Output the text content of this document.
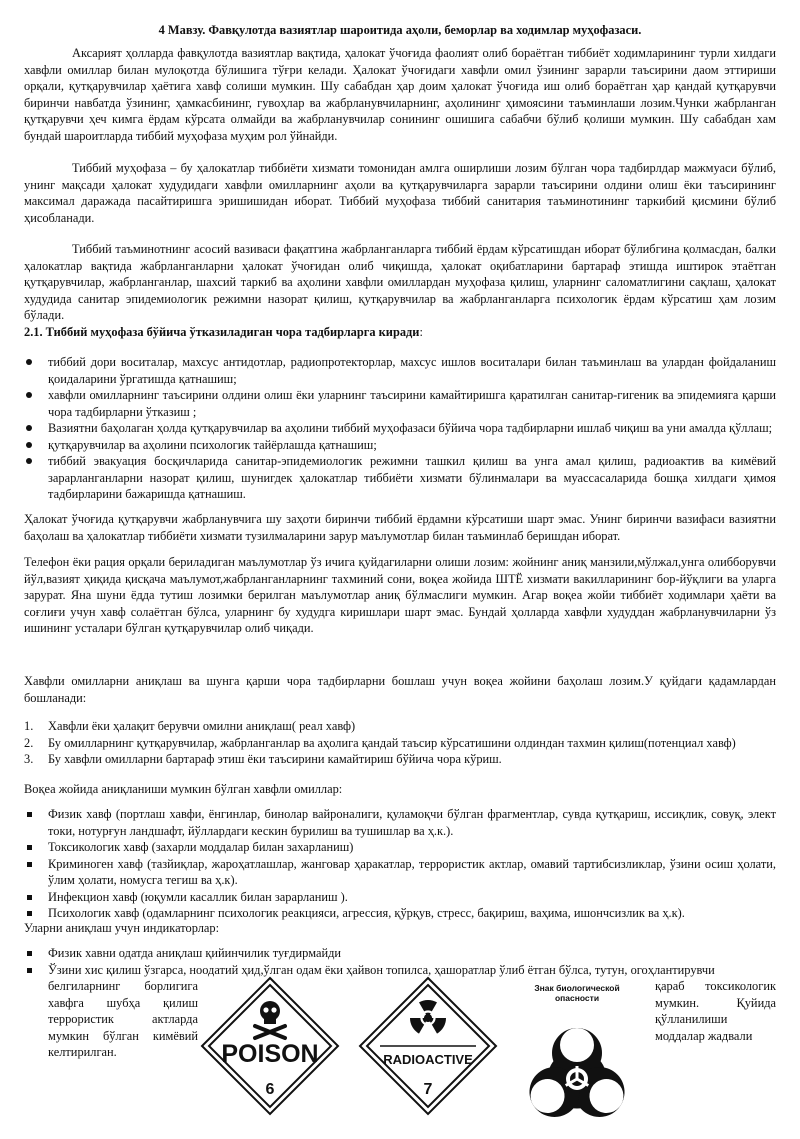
4 Мавзу. Фавқулотда вазиятлар шароитида аҳоли, беморлар ва ходимлар муҳофазаси.

Аксарият ҳолларда фавқулотда вазиятлар вақтида, ҳалокат ўчоғида фаолият олиб бораётган тиббиёт ходимларининг турли хилдаги хавфли омиллар билан мулоқотда бўлишига тўғри келади. Ҳалокат ўчоғидаги хавфли омил ўзининг зарарли таъсирини даом эттириши орқали, қутқарувчилар ҳаётига хавф солиши мумкин. Шу сабабдан ҳар доим ҳалокат ўчоғида иш олиб бораётган ҳар қандай қутқарувчи биринчи навбатда ўзининг, ҳамкасбининг, гувоҳлар ва жабрланувчиларнинг, аҳолининг ҳимоясини таъминлаши лозим.Чунки жабрланган қутқарувчи ҳеч кимга ёрдам кўрсата олмайди ва жабрланувчилар сонининг ошишига сабабчи бўлиб қолиши мумкин. Шу сабабдан хам бундай шароитларда тиббий муҳофаза муҳим рол ўйнайди.

Тиббий муҳофаза – бу ҳалокатлар тиббиёти хизмати томонидан амлга оширлиши лозим бўлган чора тадбирлдар мажмуаси бўлиб, унинг мақсади ҳалокат худудидаги хавфли омилларнинг аҳоли ва қутқарувчиларга зарарли таъсирини олдини олиш ёки таъсирининг максимал даражада пасайтиришга эришишидан иборат. Тиббий муҳофаза тиббий санитария таъминотининг таркибий қисмини бўлиб ҳисобланади.

Тиббий таъминотнинг асосий вазиваси фақатгина жабрланганларга тиббий ёрдам кўрсатишдан иборат бўлибгина қолмасдан, балки ҳалокатлар вақтида жабрланганларни ҳалокат ўчоғидан олиб чиқишда, ҳалокат оқибатларини бартараф этишда иштирок этаётган қутқарувчилар, жабрланганлар, шахсий таркиб ва аҳолини хавфли омиллардан муҳофаза қилиш, уларнинг саломатлигини сақлаш, ҳалокат худудида санитар эпидемиологик режимни назорат қилиш, қутқарувчилар ва жабрланганларга психологик ёрдам кўрсатиш ҳам лозим бўлади.

2.1. Тиббий муҳофаза бўйича ўтказиладиган чора тадбирларга киради:

тиббий дори воситалар, махсус антидотлар, радиопротекторлар, махсус ишлов воситалари билан таъминлаш ва улардан фойдаланиш қоидаларини ўргатишда қатнашиш;
хавфли омилларнинг таъсирини олдини олиш ёки уларнинг таъсирини камайтиришга қаратилган санитар-гигеник ва эпидемияга қарши чора тадбирларни ўтказиш ;
Вазиятни баҳолаган ҳолда қутқарувчилар ва аҳолини тиббий муҳофазаси бўйича чора тадбирларни ишлаб чиқиш ва уни амалда қўллаш;
қутқарувчилар ва аҳолини психологик тайёрлашда қатнашиш;
тиббий эвакуация босқичларида санитар-эпидемиологик режимни ташкил қилиш ва унга амал қилиш, радиоактив ва кимёвий зарарланганларни назорат қилиш, шунигдек ҳалокатлар тиббиёти хизмати бўлинмалари ва муассасаларида бошқа хилдаги ҳимоя тадбирларини бажаришда қатнашиш.

Ҳалокат ўчоғида қутқарувчи жабрланувчига шу заҳоти биринчи тиббий ёрдамни кўрсатиши шарт эмас. Унинг биринчи вазифаси вазиятни баҳолаш ва ҳалокатлар тиббиёти хизмати тузилмаларини зарур маълумотлар билан таъминлаб беришдан иборат.

Телефон ёки рация орқали бериладиган маълумотлар ўз ичига қуйдагиларни олиши лозим: жойнинг аниқ манзили,мўлжал,унга олибборувчи йўл,вазият ҳиқида қисқача маълумот,жабрланганларнинг тахминий сони, воқеа жойида ШТЁ хизмати вакилларининг бор-йўқлиги ва уларга зарурат. Яна шуни ёдда тутиш лозимки берилган маълумотлар аниқ бўлмаслиги мумкин. Агар воқеа жойи тиббиёт ходимлари ҳаёти ва соғлиғи учун хавф солаётган бўлса, уларнинг бу худудга киришлари шарт эмас. Бундай ҳолларда хавфли худуддан жабрланувчиларни ўз ишининг усталари бўлган қутқарувчилар олиб чиқади.

Хавфли омилларни аниқлаш ва шунга қарши чора тадбирларни бошлаш учун воқеа жойини баҳолаш лозим.У қуйдаги қадамлардан бошланади:

1. Хавфли ёки ҳалақит берувчи омилни аниқлаш( реал хавф)
2. Бу омилларнинг қутқарувчилар, жабрланганлар ва аҳолига қандай таъсир кўрсатишини олдиндан тахмин қилиш(потенциал хавф)
3. Бу хавфли омилларни бартараф этиш ёки таъсирини камайтириш бўйича чора кўриш.

Воқеа жойида аниқланиши мумкин бўлган хавфли омиллар:

Физик хавф (портлаш хавфи, ёнгинлар, бинолар вайроналиги, қуламоқчи бўлган фрагментлар, сувда қутқариш, иссиқлик, совуқ, элект токи, нотурғун ландшафт, йўллардаги кескин бурилиш ва тушишлар ва ҳ.к.).
Токсикологик хавф (захарли моддалар билан захарланиш)
Криминоген хавф (тазйиқлар, жароҳатлашлар, жанговар ҳаракатлар, террористик актлар, омавий тартибсизликлар, ўзини осиш ҳолати, ўлим ҳолати, номусга тегиш ва ҳ.к).
Инфекцион хавф (юқумли касаллик билан зарарланиш ).
Психологик хавф (одамларнинг психологик реакцияси, агрессия, қўрқув, стресс, бақириш, ваҳима, ишончсизлик ва ҳ.к).

Уларни аниқлаш учун индикаторлар:

Физик хавни одатда аниқлаш қийинчилик туғдирмайди
Ўзини хис қилиш ўзгарса, ноодатий ҳид,ўлган одам ёки ҳайвон топилса, ҳашоратлар ўлиб ётган бўлса, тутун, огоҳлантирувчи

белгиларнинг борлигига хавфга шубҳа қилиш террористик актларда мумкин бўлган кимёвий келтирилган.

қараб токсикологик мумкин. Қуйида қўлланилиши моддалар жадвали

POISON
6
RADIOACTIVE
7
Знак биологической опасности
